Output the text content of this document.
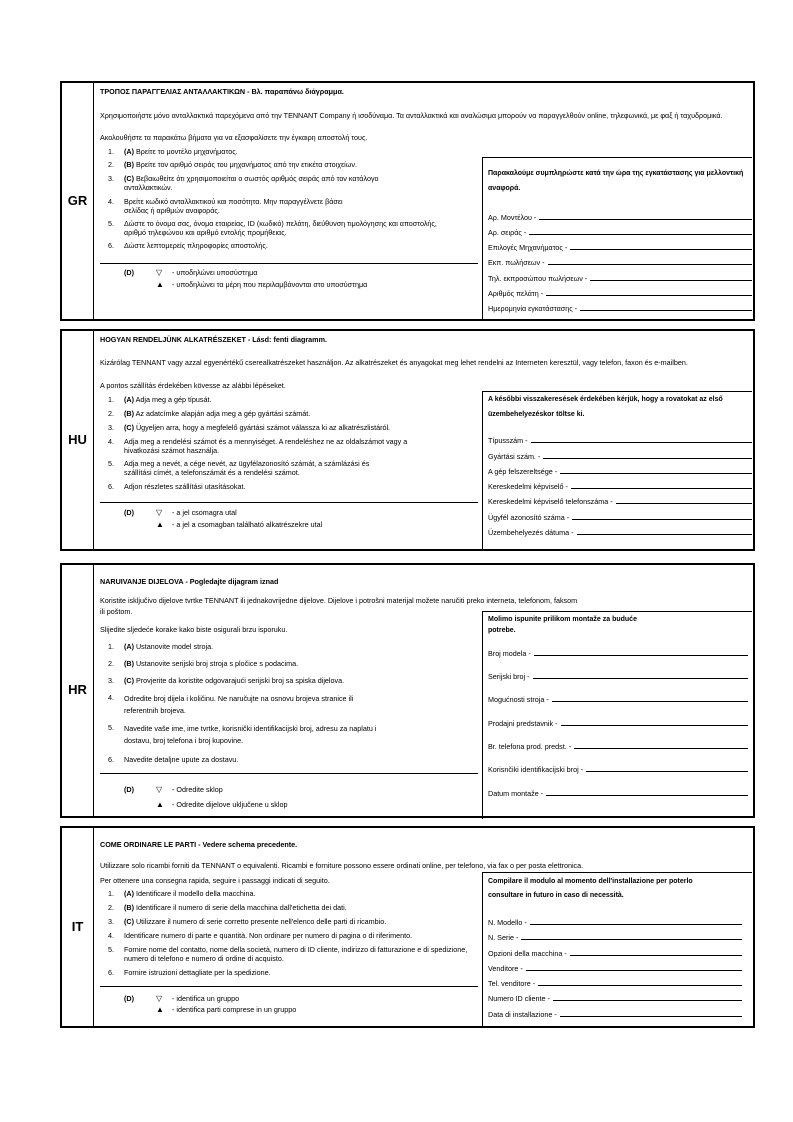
GR
ΤΡΟΠΟΣ ΠΑΡΑΓΓΕΛΙΑΣ ΑΝΤΑΛΛΑΚΤΙΚΩΝ - Βλ. παραπάνω διάγραμμα.

Χρησιμοποιήστε μόνο ανταλλακτικά παρεχόμενα από την TENNANT Company ή ισοδύναμα. Τα ανταλλακτικά και αναλώσιμα μπορούν να παραγγελθούν online, τηλεφωνικά, με φαξ ή ταχυδρομικά.

Ακολουθήστε τα παρακάτω βήματα για να εξασφαλίσετε την έγκαιρη αποστολή τους.

1. (A) Βρείτε το μοντέλο μηχανήματος.
2. (B) Βρείτε τον αριθμό σειράς του μηχανήματος από την ετικέτα στοιχείων.
3. (C) Βεβαιωθείτε ότι χρησιμοποιείται ο σωστός αριθμός σειράς από τον κατάλογο ανταλλακτικών.
4. Βρείτε κωδικό ανταλλακτικού και ποσότητα. Μην παραγγέλνετε βάσει σελίδας ή αριθμών αναφοράς.
5. Δώστε το όνομα σας, όνομα εταιρείας, ID (κωδικό) πελάτη, διεύθυνση τιμολόγησης και αποστολής, αριθμό τηλεφώνου και αριθμό εντολής προμήθειας.
6. Δώστε λεπτομερείς πληροφορίες αποστολής.
(D)	▽ - υποδηλώνει υποσύστημα
▲ - υποδηλώνει τα μέρη που περιλαμβάνονται στο υποσύστημα
Παρακαλούμε συμπληρώστε κατά την ώρα της εγκατάστασης για μελλοντική αναφορά.
Αρ. Μοντέλου -
Αρ. σειράς -
Επιλογές Μηχανήματος -
Εκπ. πωλήσεων -
Τηλ. εκπροσώπου πωλήσεων -
Αριθμός πελάτη -
Ημερομηνία εγκατάστασης -
HU
HOGYAN RENDELJÜNK ALKATRÉSZEKET - Lásd: fenti diagramm.

Kizárólag TENNANT vagy azzal egyenértékű cserealkatrészeket használjon. Az alkatrészeket és anyagokat meg lehet rendelni az Interneten keresztül, vagy telefon, faxon és e-mailben.

A pontos szállítás érdekében kövesse az alábbi lépéseket.

1. (A) Adja meg a gép típusát.
2. (B) Az adatcímke alapján adja meg a gép gyártási számát.
3. (C) Ügyeljen arra, hogy a megfelelő gyártási számot válassza ki az alkatrészlistáról.
4. Adja meg a rendelési számot és a mennyiséget. A rendeléshez ne az oldalszámot vagy a hivatkozási számot használja.
5. Adja meg a nevét, a cége nevét, az ügyfélazonosító számát, a számlázási és szállítási címét, a telefonszámát és a rendelési számot.
6. Adjon részletes szállítási utasításokat.
(D)	▽ - a jel csomagra utal
▲ - a jel a csomagban található alkatrészekre utal
A későbbi visszakeresések érdekében kérjük, hogy a rovatokat az első üzembehelyezéskor töltse ki.
Típusszám -
Gyártási szám. -
A gép felszereltsége -
Kereskedelmi képviselő -
Kereskedelmi képviselő telefonszáma -
Ügyfél azonosító száma -
Üzembehelyezés dátuma -
HR
NARUIVANJE DIJELOVA - Pogledajte dijagram iznad

Koristite isključivo dijelove tvrtke TENNANT ili jednakovrijedne dijelove. Dijelove i potrošni materijal možete naručiti preko interneta, telefonom, faksom ili poštom.

Slijedite sljedeće korake kako biste osigurali brzu isporuku.

1. (A) Ustanovite model stroja.
2. (B) Ustanovite serijski broj stroja s pločice s podacima.
3. (C) Provjerite da koristite odgovarajući serijski broj sa spiska dijelova.
4. Odredite broj dijela i količinu. Ne naručujte na osnovu brojeva stranice ili referentnih brojeva.
5. Navedite vaše ime, ime tvrtke, korisnički identifikacijski broj, adresu za naplatu i dostavu, broj telefona i broj kupovine.
6. Navedite detaljne upute za dostavu.
(D)	▽ - Odredite sklop
▲ - Odredite dijelove uključene u sklop
Molimo ispunite prilikom montaže za buduće potrebe.
Broj modela -
Serijski broj -
Mogućnosti stroja -
Prodajni predstavnik -
Br. telefona prod. predst. -
Korisnčiki identifikacijski broj -
Datum montaže -
IT
COME ORDINARE LE PARTI - Vedere schema precedente.

Utilizzare solo ricambi forniti da TENNANT o equivalenti. Ricambi e forniture possono essere ordinati online, per telefono, via fax o per posta elettronica.

Per ottenere una consegna rapida, seguire i passaggi indicati di seguito.

1. (A) Identificare il modello della macchina.
2. (B) Identificare il numero di serie della macchina dall'etichetta dei dati.
3. (C) Utilizzare il numero di serie corretto presente nell'elenco delle parti di ricambio.
4. Identificare numero di parte e quantità. Non ordinare per numero di pagina o di riferimento.
5. Fornire nome del contatto, nome della società, numero di ID cliente, indirizzo di fatturazione e di spedizione, numero di telefono e numero di ordine di acquisto.
6. Fornire istruzioni dettagliate per la spedizione.
(D)	▽ - identifica un gruppo
▲ - identifica parti comprese in un gruppo
Compilare il modulo al momento dell'installazione per poterlo consultare in futuro in caso di necessità.
N. Modello -
N. Serie -
Opzioni della macchina -
Venditore -
Tel. venditore -
Numero ID cliente -
Data di installazione -
